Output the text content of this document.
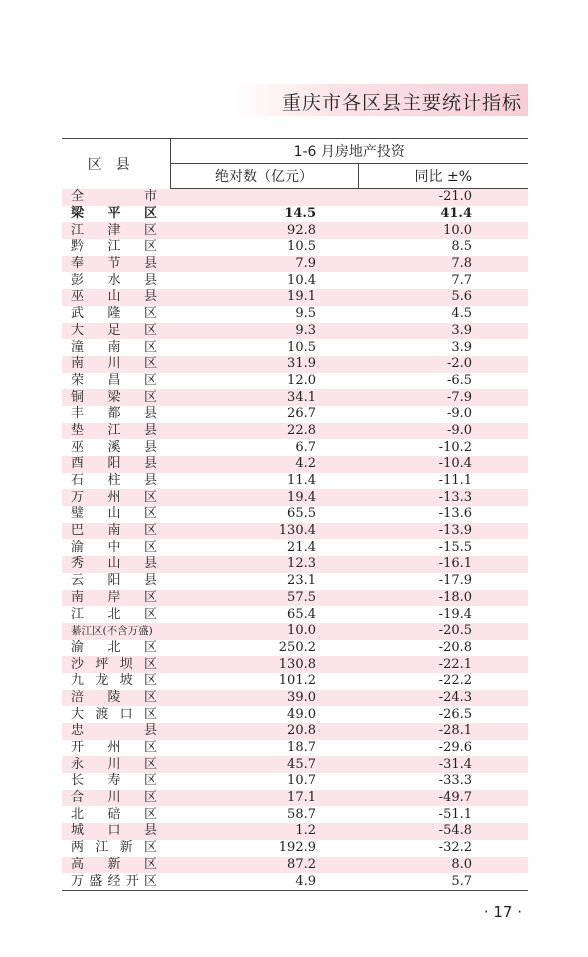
重庆市各区县主要统计指标
区县	1-6 月房地产投资	
	绝对数（亿元）	同比 ±%

全 市		-21.0

梁 平 区	14.5	41.4

江 津 区	92.8	10.0

黔 江 区	10.5	8.5

奉 节 县	7.9	7.8

彭 水 县	10.4	7.7

巫 山 县	19.1	5.6

武 隆 区	9.5	4.5

大 足 区	9.3	3.9

潼 南 区	10.5	3.9

南 川 区	31.9	-2.0

荣 昌 区	12.0	-6.5

铜 梁 区	34.1	-7.9

丰 都 县	26.7	-9.0

垫 江 县	22.8	-9.0

巫 溪 县	6.7	-10.2

酉 阳 县	4.2	-10.4

石 柱 县	11.4	-11.1

万 州 区	19.4	-13.3

璧 山 区	65.5	-13.6

巴 南 区	130.4	-13.9

渝 中 区	21.4	-15.5

秀 山 县	12.3	-16.1

云 阳 县	23.1	-17.9

南 岸 区	57.5	-18.0

江 北 区	65.4	-19.4
綦江区(不含万盛)	10.0	-20.5

渝 北 区	250.2	-20.8

沙 坪 坝 区	130.8	-22.1

九 龙 坡 区	101.2	-22.2

涪 陵 区	39.0	-24.3

大 渡 口 区	49.0	-26.5

忠 县	20.8	-28.1

开 州 区	18.7	-29.6

永 川 区	45.7	-31.4

长 寿 区	10.7	-33.3

合 川 区	17.1	-49.7

北 碚 区	58.7	-51.1

城 口 县	1.2	-54.8

两 江 新 区	192.9	-32.2

高 新 区	87.2	8.0

万 盛 经 开 区	4.9	5.7
· 17 ·
